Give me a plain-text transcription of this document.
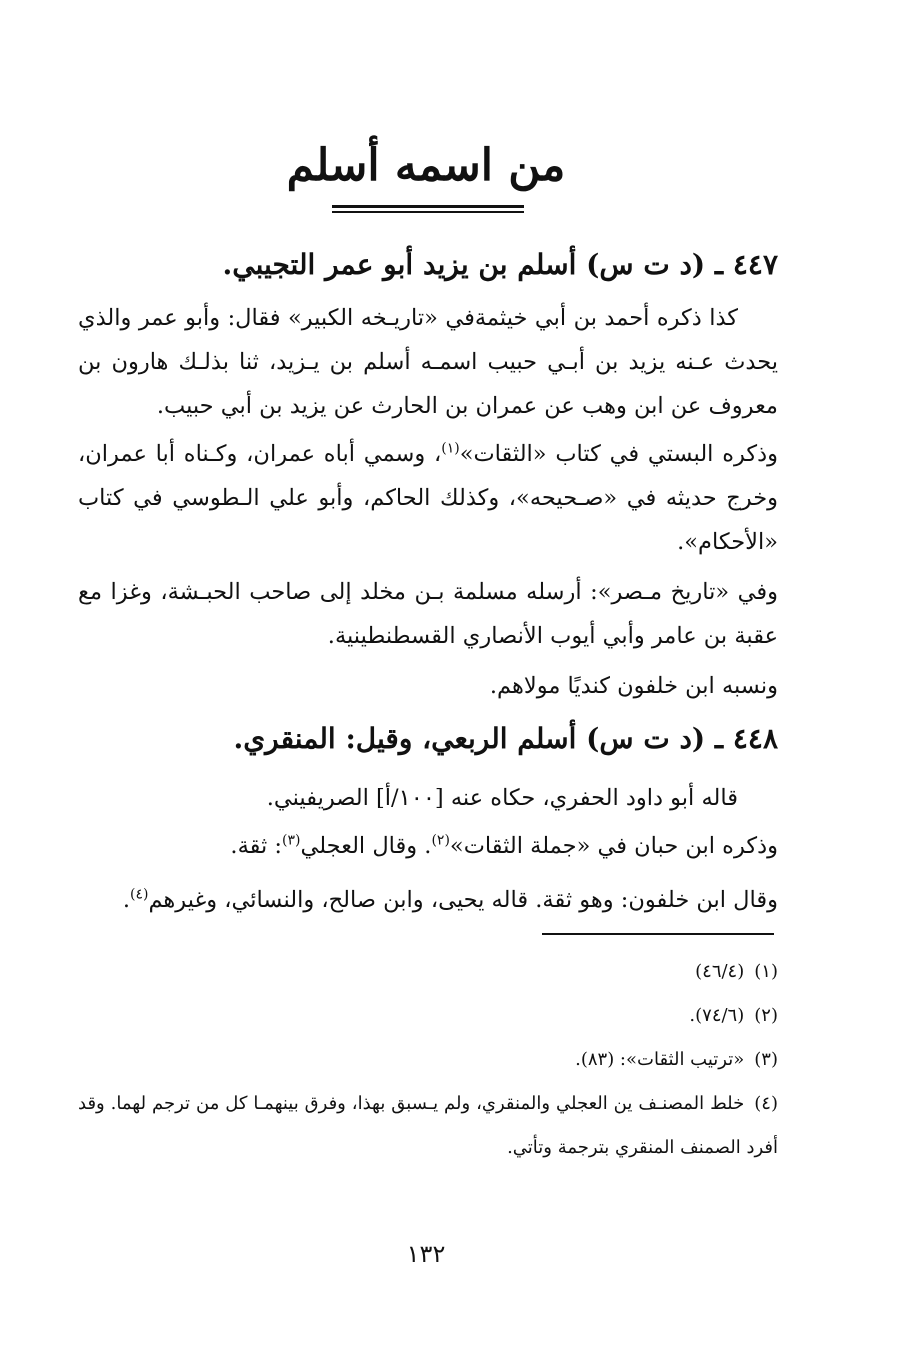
من اسمه أسلم
٤٤٧ ـ (د ت س) أسلم بن يزيد أبو عمر التجيبي.
كذا ذكره أحمد بن أبي خيثمةفي «تاريـخه الكبير» فقال: وأبو عمر والذي يحدث عـنه يزيد بن أبـي حبيب اسمـه أسلم بن يـزيد، ثنا بذلـك هارون بن معروف عن ابن وهب عن عمران بن الحارث عن يزيد بن أبي حبيب.
وذكره البستي في كتاب «الثقات»$^{(١)}$، وسمي أباه عمران، وكـناه أبا عمران، وخرج حديثه في «صـحيحه»، وكذلك الحاكم، وأبو علي الـطوسي في كتاب «الأحكام».
وفي «تاريخ مـصر»: أرسله مسلمة بـن مخلد إلى صاحب الحبـشة، وغزا مع عقبة بن عامر وأبي أيوب الأنصاري القسطنطينية.
ونسبه ابن خلفون كنديًا مولاهم.
٤٤٨ ـ (د ت س) أسلم الربعي، وقيل: المنقري.
قاله أبو داود الحفري، حكاه عنه [١٠٠/أ] الصريفيني.
وذكره ابن حبان في «جملة الثقات»$^{(٢)}$. وقال العجلي$^{(٣)}$: ثقة.
وقال ابن خلفون: وهو ثقة. قاله يحيى، وابن صالح، والنسائي، وغيرهم$^{(٤)}$.
(١)(٤٦/٤)
(٢)(٧٤/٦).
(٣)«ترتيب الثقات»: (٨٣).
(٤)خلط المصنـف ين العجلي والمنقري، ولم يـسبق بهذا، وفرق بينهمـا كل من ترجم لهما. وقد أفرد الصمنف المنقري بترجمة وتأتي.
١٣٢
